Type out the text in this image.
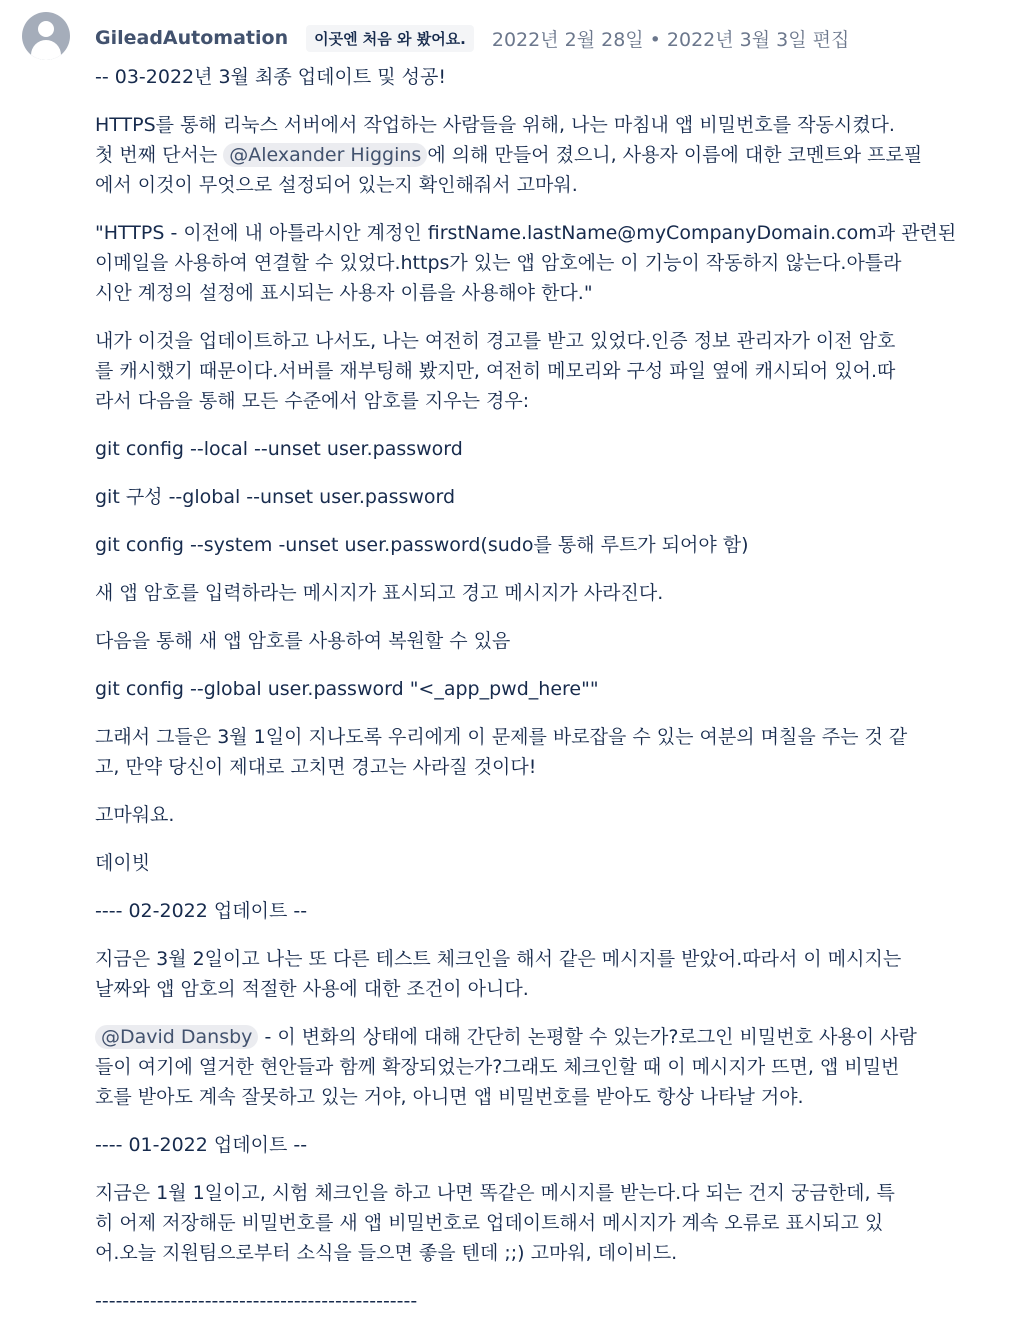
GileadAutomation	이곳엔 처음 와 봤어요.	2022년 2월 28일 • 2022년 3월 3일 편집

-- 03-2022년 3월 최종 업데이트 및 성공!

HTTPS를 통해 리눅스 서버에서 작업하는 사람들을 위해, 나는 마침내 앱 비밀번호를 작동시켰다.
첫 번째 단서는 @Alexander Higgins 에 의해 만들어 졌으니, 사용자 이름에 대한 코멘트와 프로필
에서 이것이 무엇으로 설정되어 있는지 확인해줘서 고마워.

"HTTPS - 이전에 내 아틀라시안 계정인 firstName.lastName@myCompanyDomain.com과 관련된
이메일을 사용하여 연결할 수 있었다.https가 있는 앱 암호에는 이 기능이 작동하지 않는다.아틀라
시안 계정의 설정에 표시되는 사용자 이름을 사용해야 한다."

내가 이것을 업데이트하고 나서도, 나는 여전히 경고를 받고 있었다.인증 정보 관리자가 이전 암호
를 캐시했기 때문이다.서버를 재부팅해 봤지만, 여전히 메모리와 구성 파일 옆에 캐시되어 있어.따
라서 다음을 통해 모든 수준에서 암호를 지우는 경우:

git config --local --unset user.password

git 구성 --global --unset user.password

git config --system -unset user.password(sudo를 통해 루트가 되어야 함)

새 앱 암호를 입력하라는 메시지가 표시되고 경고 메시지가 사라진다.

다음을 통해 새 앱 암호를 사용하여 복원할 수 있음

git config --global user.password "<_app_pwd_here""

그래서 그들은 3월 1일이 지나도록 우리에게 이 문제를 바로잡을 수 있는 여분의 며칠을 주는 것 같
고, 만약 당신이 제대로 고치면 경고는 사라질 것이다!

고마워요.

데이빗

---- 02-2022 업데이트 --

지금은 3월 2일이고 나는 또 다른 테스트 체크인을 해서 같은 메시지를 받았어.따라서 이 메시지는
날짜와 앱 암호의 적절한 사용에 대한 조건이 아니다.

@David Dansby - 이 변화의 상태에 대해 간단히 논평할 수 있는가?로그인 비밀번호 사용이 사람
들이 여기에 열거한 현안들과 함께 확장되었는가?그래도 체크인할 때 이 메시지가 뜨면, 앱 비밀번
호를 받아도 계속 잘못하고 있는 거야, 아니면 앱 비밀번호를 받아도 항상 나타날 거야.

---- 01-2022 업데이트 --

지금은 1월 1일이고, 시험 체크인을 하고 나면 똑같은 메시지를 받는다.다 되는 건지 궁금한데, 특
히 어제 저장해둔 비밀번호를 새 앱 비밀번호로 업데이트해서 메시지가 계속 오류로 표시되고 있
어.오늘 지원팀으로부터 소식을 들으면 좋을 텐데 ;;) 고마워, 데이비드.

-----------------------------------------------
